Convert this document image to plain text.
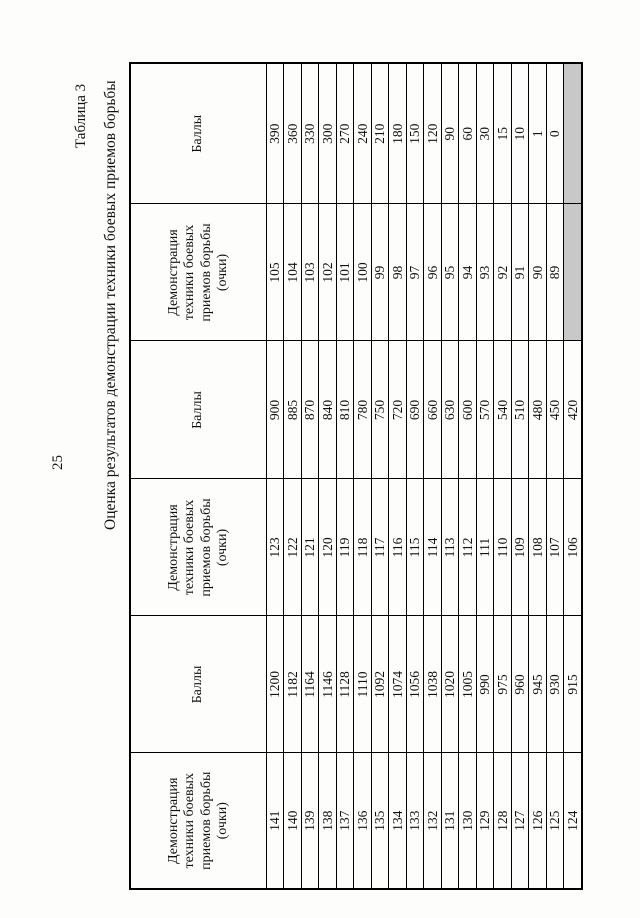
25
Таблица 3 Оценка результатов демонстрации техники боевых приемов борьбы
Демонстрация техники боевых приемов борьбы (очки)	Баллы	Демонстрация техники боевых приемов борьбы (очки)	Баллы	Демонстрация техники боевых приемов борьбы (очки)	Баллы

141	1200	123	900	105	390
140	1182	122	885	104	360
139	1164	121	870	103	330
138	1146	120	840	102	300
137	1128	119	810	101	270
136	1110	118	780	100	240
135	1092	117	750	99	210
134	1074	116	720	98	180
133	1056	115	690	97	150
132	1038	114	660	96	120
131	1020	113	630	95	90
130	1005	112	600	94	60
129	990	111	570	93	30
128	975	110	540	92	15
127	960	109	510	91	10
126	945	108	480	90	1
125	930	107	450	89	0
124	915	106	420		
